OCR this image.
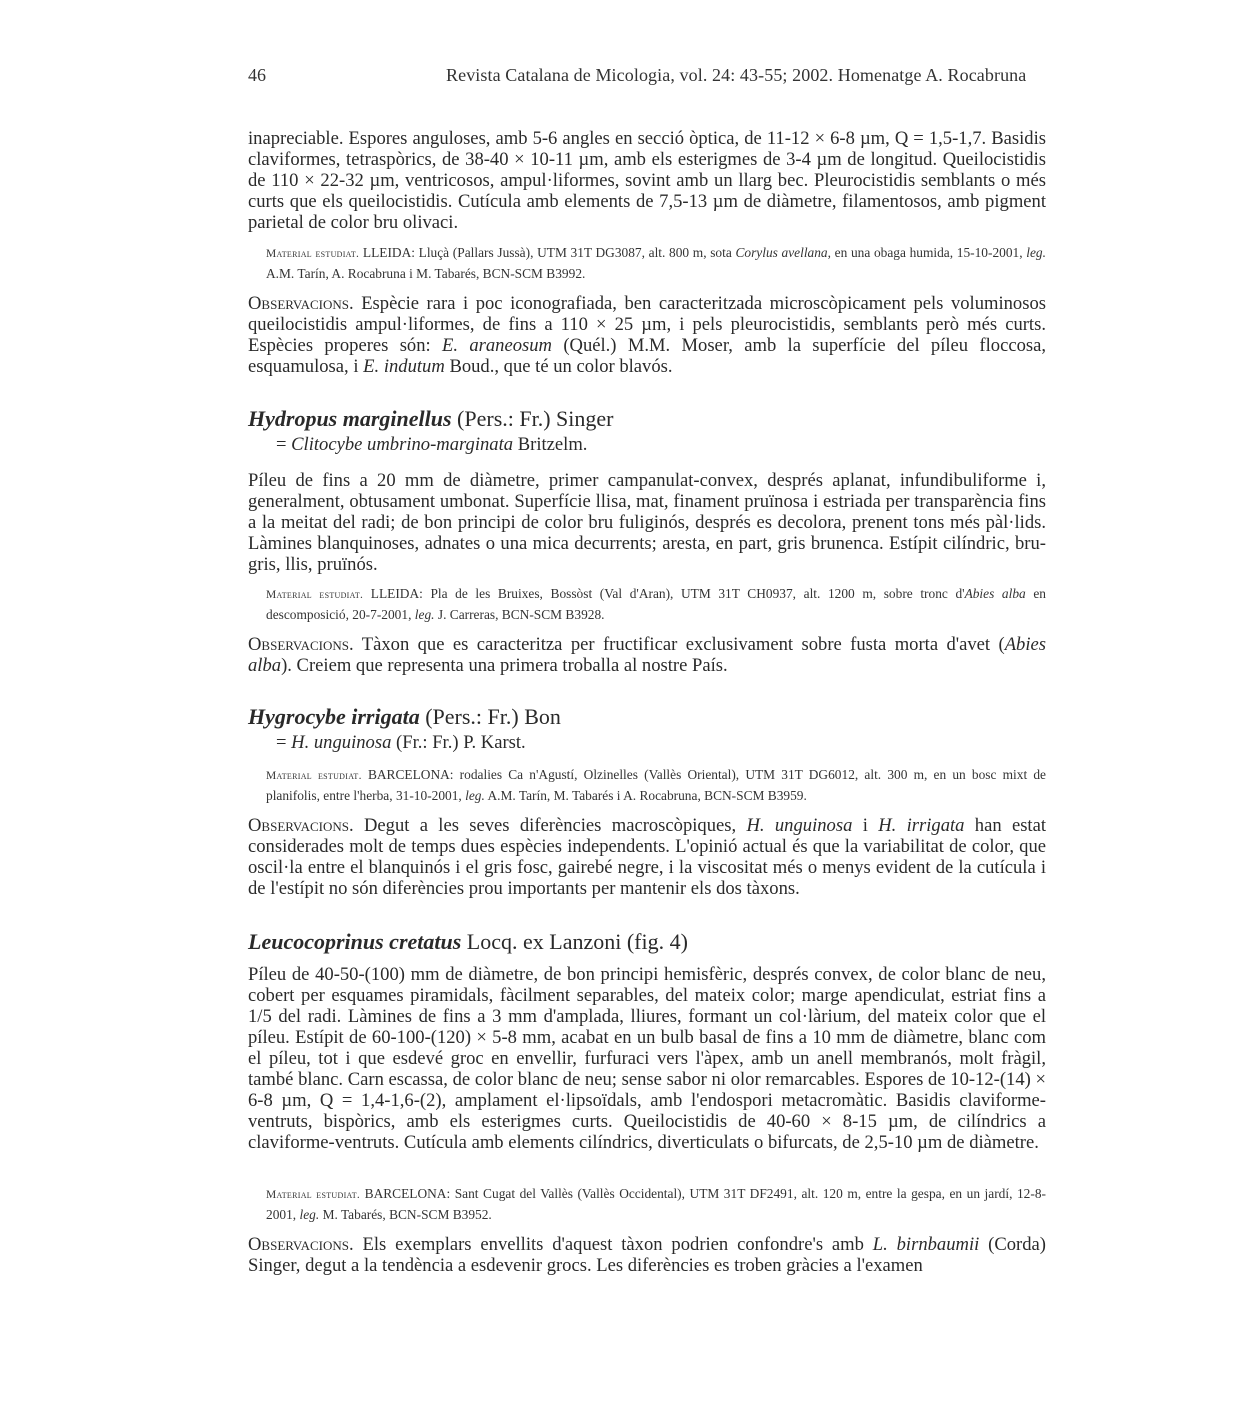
46	Revista Catalana de Micologia, vol. 24: 43-55; 2002. Homenatge A. Rocabruna

inapreciable. Espores anguloses, amb 5-6 angles en secció òptica, de 11-12 × 6-8 µm, Q = 1,5-1,7. Basidis claviformes, tetraspòrics, de 38-40 × 10-11 µm, amb els esterigmes de 3-4 µm de longitud. Queilocistidis de 110 × 22-32 µm, ventricosos, ampul·liformes, sovint amb un llarg bec. Pleurocistidis semblants o més curts que els queilocistidis. Cutícula amb elements de 7,5-13 µm de diàmetre, filamentosos, amb pigment parietal de color bru olivaci.

Material estudiat. LLEIDA: Lluçà (Pallars Jussà), UTM 31T DG3087, alt. 800 m, sota Corylus avellana, en una obaga humida, 15-10-2001, leg. A.M. Tarín, A. Rocabruna i M. Tabarés, BCN-SCM B3992.

Observacions. Espècie rara i poc iconografiada, ben caracteritzada microscòpicament pels voluminosos queilocistidis ampul·liformes, de fins a 110 × 25 µm, i pels pleurocistidis, semblants però més curts. Espècies properes són: E. araneosum (Quél.) M.M. Moser, amb la superfície del píleu floccosa, esquamulosa, i E. indutum Boud., que té un color blavós.

Hydropus marginellus (Pers.: Fr.) Singer

= Clitocybe umbrino-marginata Britzelm.

Píleu de fins a 20 mm de diàmetre, primer campanulat-convex, després aplanat, infundibuliforme i, generalment, obtusament umbonat. Superfície llisa, mat, finament pruïnosa i estriada per transparència fins a la meitat del radi; de bon principi de color bru fuliginós, després es decolora, prenent tons més pàl·lids. Làmines blanquinoses, adnates o una mica decurrents; aresta, en part, gris brunenca. Estípit cilíndric, bru-gris, llis, pruïnós.

Material estudiat. LLEIDA: Pla de les Bruixes, Bossòst (Val d'Aran), UTM 31T CH0937, alt. 1200 m, sobre tronc d'Abies alba en descomposició, 20-7-2001, leg. J. Carreras, BCN-SCM B3928.

Observacions. Tàxon que es caracteritza per fructificar exclusivament sobre fusta morta d'avet (Abies alba). Creiem que representa una primera troballa al nostre País.

Hygrocybe irrigata (Pers.: Fr.) Bon

= H. unguinosa (Fr.: Fr.) P. Karst.

Material estudiat. BARCELONA: rodalies Ca n'Agustí, Olzinelles (Vallès Oriental), UTM 31T DG6012, alt. 300 m, en un bosc mixt de planifolis, entre l'herba, 31-10-2001, leg. A.M. Tarín, M. Tabarés i A. Rocabruna, BCN-SCM B3959.

Observacions. Degut a les seves diferències macroscòpiques, H. unguinosa i H. irrigata han estat considerades molt de temps dues espècies independents. L'opinió actual és que la variabilitat de color, que oscil·la entre el blanquinós i el gris fosc, gairebé negre, i la viscositat més o menys evident de la cutícula i de l'estípit no són diferències prou importants per mantenir els dos tàxons.

Leucocoprinus cretatus Locq. ex Lanzoni (fig. 4)

Píleu de 40-50-(100) mm de diàmetre, de bon principi hemisfèric, després convex, de color blanc de neu, cobert per esquames piramidals, fàcilment separables, del mateix color; marge apendiculat, estriat fins a 1/5 del radi. Làmines de fins a 3 mm d'amplada, lliures, formant un col·làrium, del mateix color que el píleu. Estípit de 60-100-(120) × 5-8 mm, acabat en un bulb basal de fins a 10 mm de diàmetre, blanc com el píleu, tot i que esdevé groc en envellir, furfuraci vers l'àpex, amb un anell membranós, molt fràgil, també blanc. Carn escassa, de color blanc de neu; sense sabor ni olor remarcables. Espores de 10-12-(14) × 6-8 µm, Q = 1,4-1,6-(2), amplament el·lipsoïdals, amb l'endospori metacromàtic. Basidis claviforme-ventruts, bispòrics, amb els esterigmes curts. Queilocistidis de 40-60 × 8-15 µm, de cilíndrics a claviforme-ventruts. Cutícula amb elements cilíndrics, diverticulats o bifurcats, de 2,5-10 µm de diàmetre.

Material estudiat. BARCELONA: Sant Cugat del Vallès (Vallès Occidental), UTM 31T DF2491, alt. 120 m, entre la gespa, en un jardí, 12-8-2001, leg. M. Tabarés, BCN-SCM B3952.

Observacions. Els exemplars envellits d'aquest tàxon podrien confondre's amb L. birnbaumii (Corda) Singer, degut a la tendència a esdevenir grocs. Les diferències es troben gràcies a l'examen
